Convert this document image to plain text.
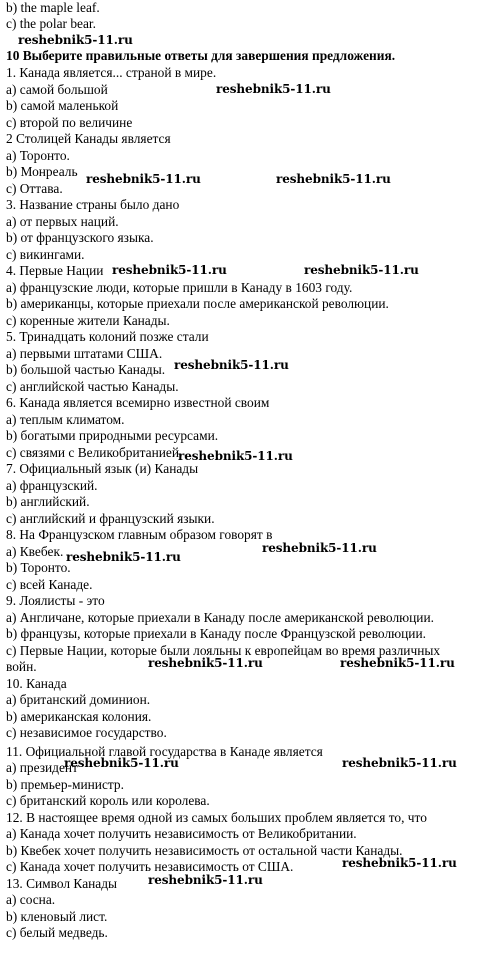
b) the maple leaf.
c) the polar bear.
10 Выберите правильные ответы для завершения предложения.
1. Канада является... страной в мире.
a) самой большой
b) самой маленькой
c) второй по величине
2 Столицей Канады является
a) Торонто.
b) Монреаль
c) Оттава.
3. Название страны было дано
a) от первых наций.
b) от французского языка.
c) викингами.
4. Первые Нации
a) французские люди, которые пришли в Канаду в 1603 году.
b) американцы, которые приехали после американской революции.
c) коренные жители Канады.
5. Тринадцать колоний позже стали
a) первыми штатами США.
b) большой частью Канады.
c) английской частью Канады.
6. Канада является всемирно известной своим
a) теплым климатом.
b) богатыми природными ресурсами.
c) связями с Великобританией.
7. Официальный язык (и) Канады
a) французский.
b) английский.
c) английский и французский языки.
8. На Французском главным образом говорят в
a) Квебек.
b) Торонто.
c) всей Канаде.
9. Лоялисты - это
a) Англичане, которые приехали в Канаду после американской революции.
b) французы, которые приехали в Канаду после Французской революции.
c) Первые Нации, которые были лояльны к европейцам во время различных
войн.
10. Канада
a) британский доминион.
b) американская колония.
c) независимое государство.
11. Официальной главой государства в Канаде является
a) президент
b) премьер-министр.
c) британский король или королева.
12. В настоящее время одной из самых больших проблем является то, что
a) Канада хочет получить независимость от Великобритании.
b) Квебек хочет получить независимость от остальной части Канады.
c) Канада хочет получить независимость от США.
13. Символ Канады
a) сосна.
b) кленовый лист.
c) белый медведь.
reshebnik5-11.ru
reshebnik5-11.ru
reshebnik5-11.ru	reshebnik5-11.ru
reshebnik5-11.ru	reshebnik5-11.ru
reshebnik5-11.ru
reshebnik5-11.ru
reshebnik5-11.ru
reshebnik5-11.ru
reshebnik5-11.ru	reshebnik5-11.ru
reshebnik5-11.ru	reshebnik5-11.ru
reshebnik5-11.ru
reshebnik5-11.ru
